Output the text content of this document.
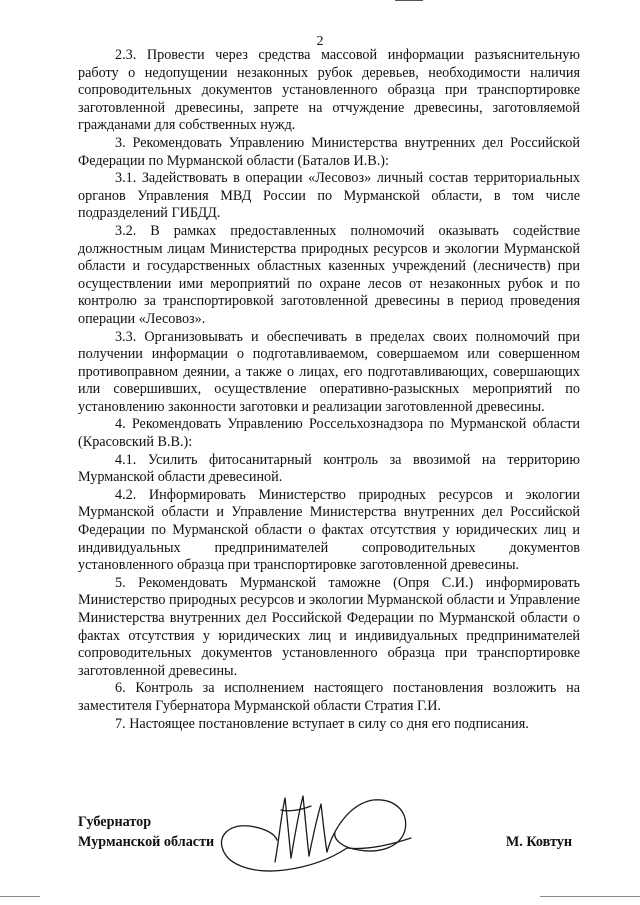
2

2.3. Провести через средства массовой информации разъяснительную работу о недопущении незаконных рубок деревьев, необходимости наличия сопроводительных документов установленного образца при транспортировке заготовленной древесины, запрете на отчуждение древесины, заготовляемой гражданами для собственных нужд.

3. Рекомендовать Управлению Министерства внутренних дел Российской Федерации по Мурманской области (Баталов И.В.):

3.1. Задействовать в операции «Лесовоз» личный состав территориальных органов Управления МВД России по Мурманской области, в том числе подразделений ГИБДД.

3.2. В рамках предоставленных полномочий оказывать содействие должностным лицам Министерства природных ресурсов и экологии Мурманской области и государственных областных казенных учреждений (лесничеств) при осуществлении ими мероприятий по охране лесов от незаконных рубок и по контролю за транспортировкой заготовленной древесины в период проведения операции «Лесовоз».

3.3. Организовывать и обеспечивать в пределах своих полномочий при получении информации о подготавливаемом, совершаемом или совершенном противоправном деянии, а также о лицах, его подготавливающих, совершающих или совершивших, осуществление оперативно-разыскных мероприятий по установлению законности заготовки и реализации заготовленной древесины.

4. Рекомендовать Управлению Россельхознадзора по Мурманской области (Красовский В.В.):

4.1. Усилить фитосанитарный контроль за ввозимой на территорию Мурманской области древесиной.

4.2. Информировать Министерство природных ресурсов и экологии Мурманской области и Управление Министерства внутренних дел Российской Федерации по Мурманской области о фактах отсутствия у юридических лиц и индивидуальных предпринимателей сопроводительных документов установленного образца при транспортировке заготовленной древесины.

5. Рекомендовать Мурманской таможне (Опря С.И.) информировать Министерство природных ресурсов и экологии Мурманской области и Управление Министерства внутренних дел Российской Федерации по Мурманской области о фактах отсутствия у юридических лиц и индивидуальных предпринимателей сопроводительных документов установленного образца при транспортировке заготовленной древесины.

6. Контроль за исполнением настоящего постановления возложить на заместителя Губернатора Мурманской области Стратия Г.И.

7. Настоящее постановление вступает в силу со дня его подписания.

Губернатор
Мурманской области	М. Ковтун
